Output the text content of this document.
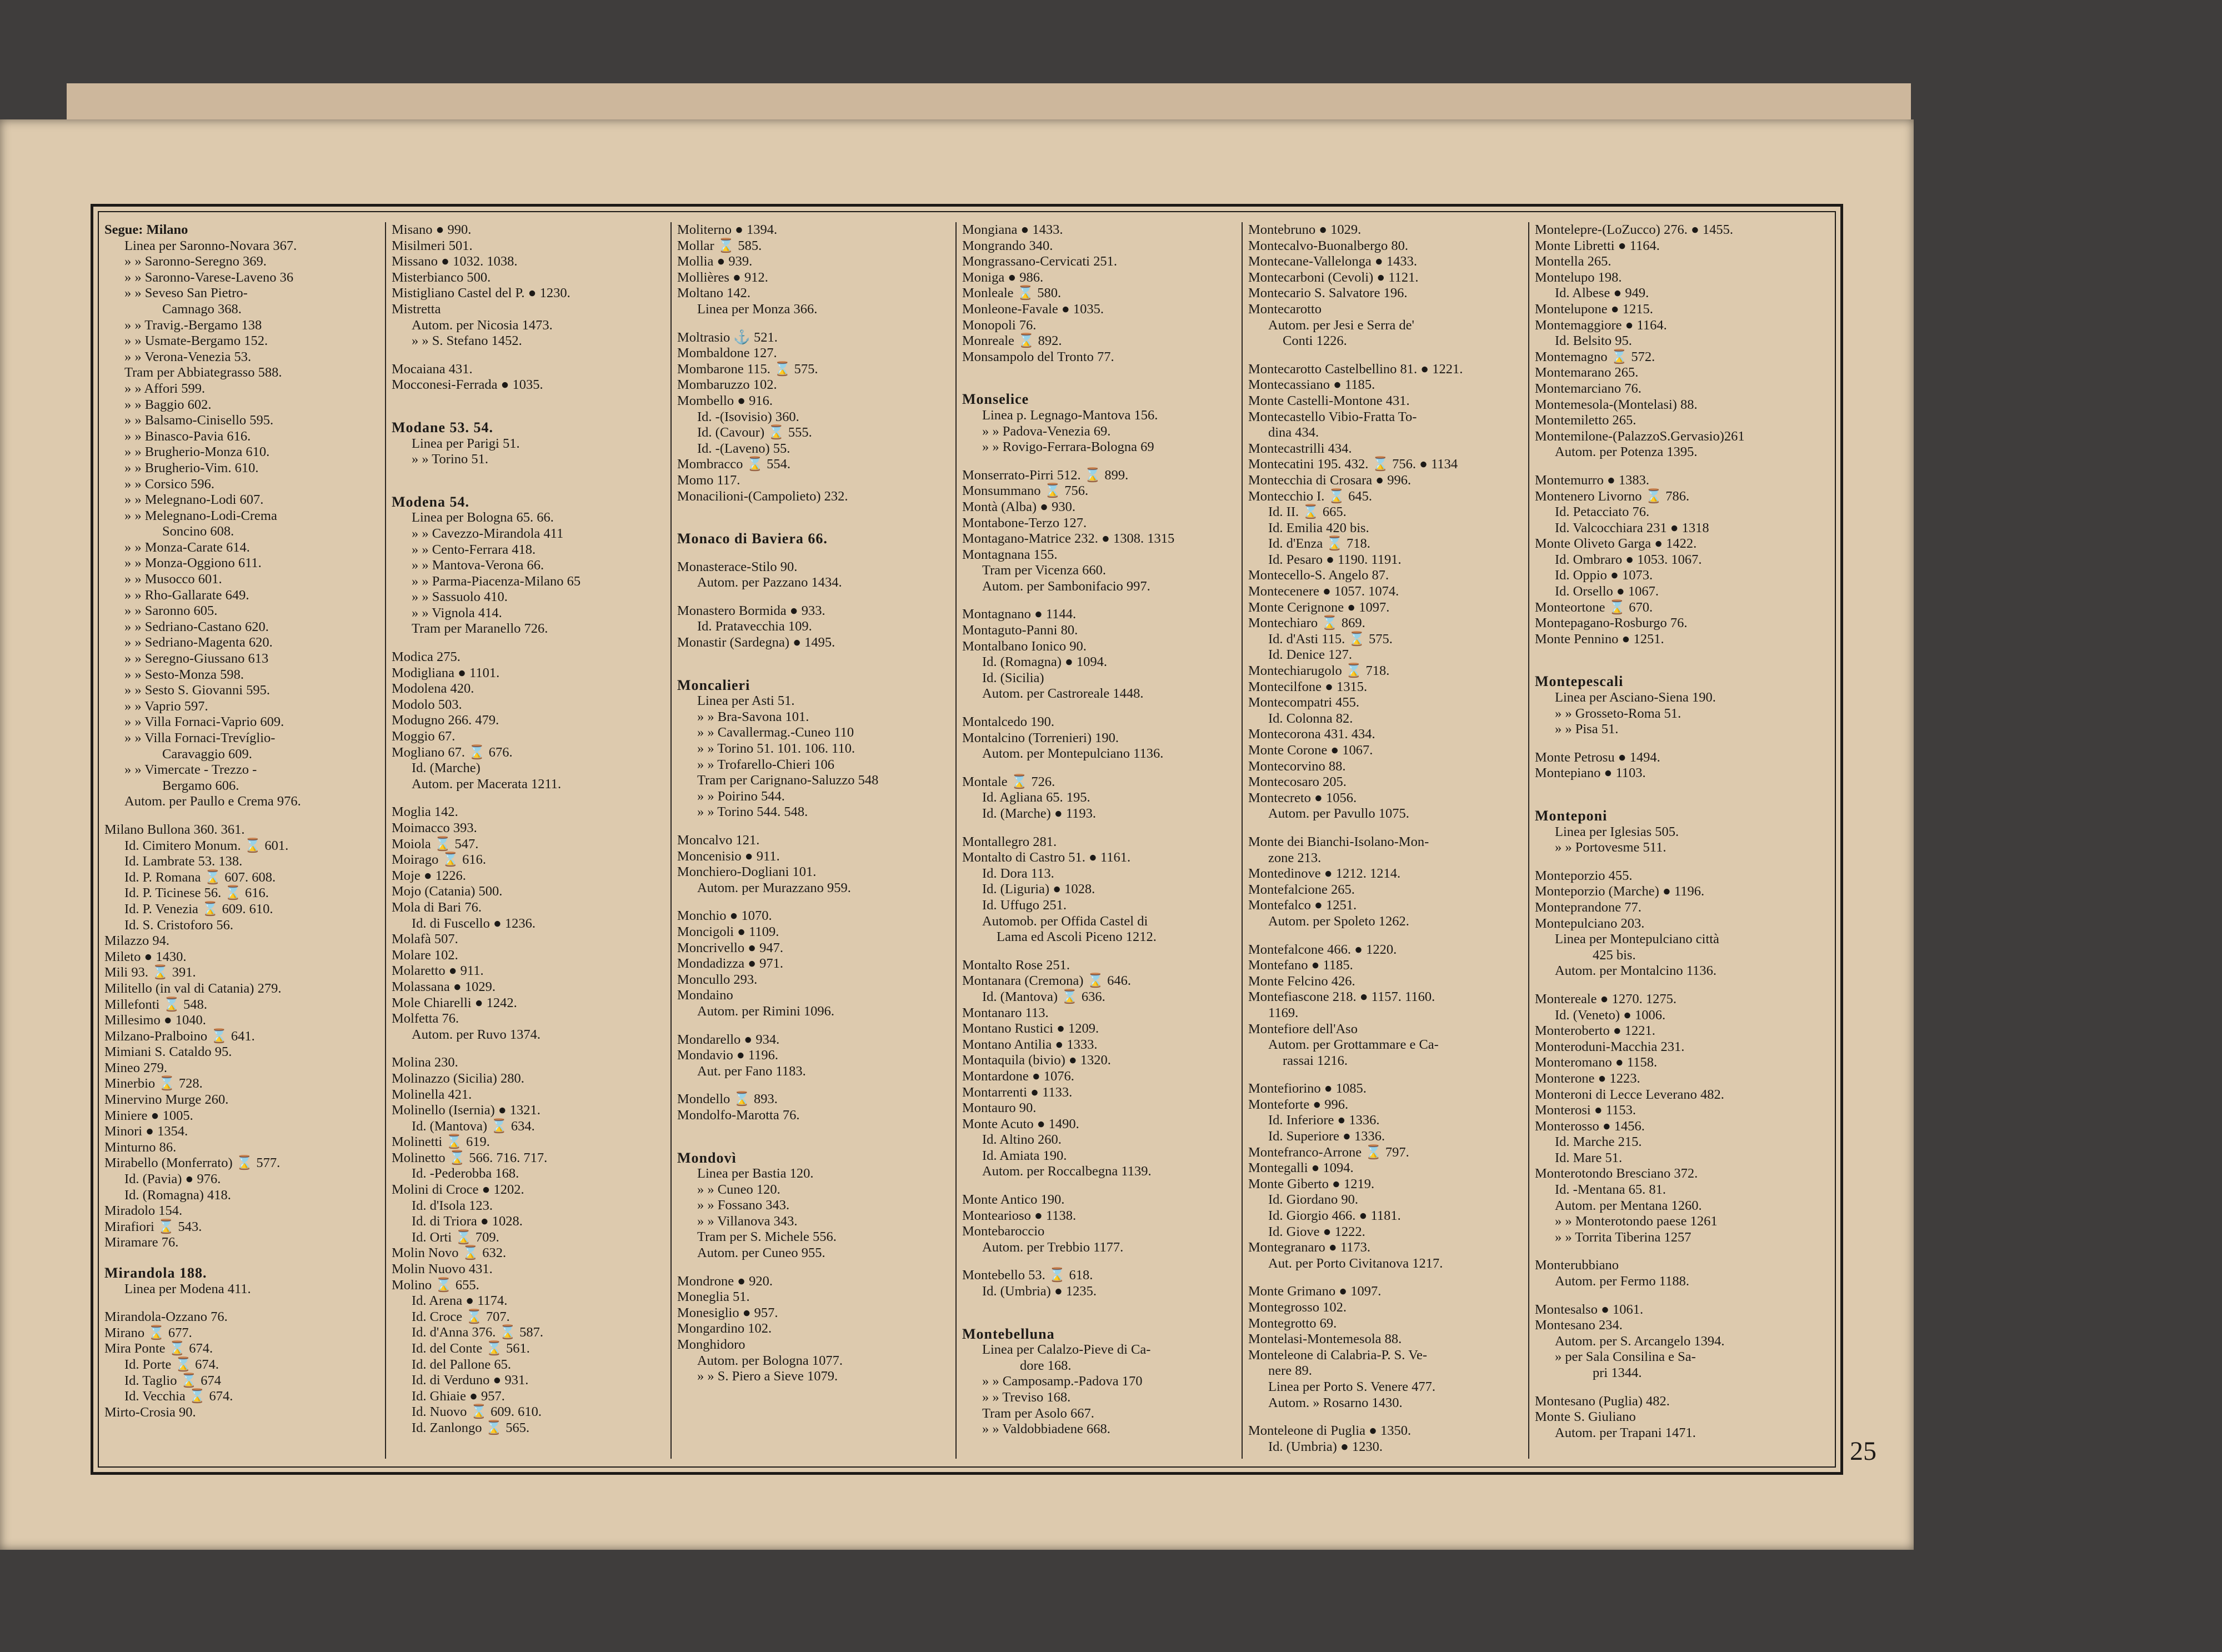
Segue: Milano
Linea per Saronno-Novara 367.
» » Saronno-Seregno 369.
» » Saronno-Varese-Laveno 36
» » Seveso San Pietro-
Camnago 368.
» » Travig.-Bergamo 138
» » Usmate-Bergamo 152.
» » Verona-Venezia 53.
Tram per Abbiategrasso 588.
» » Affori 599.
» » Baggio 602.
» » Balsamo-Cinisello 595.
» » Binasco-Pavia 616.
» » Brugherio-Monza 610.
» » Brugherio-Vim. 610.
» » Corsico 596.
» » Melegnano-Lodi 607.
» » Melegnano-Lodi-Crema
Soncino 608.
» » Monza-Carate 614.
» » Monza-Oggiono 611.
» » Musocco 601.
» » Rho-Gallarate 649.
» » Saronno 605.
» » Sedriano-Castano 620.
» » Sedriano-Magenta 620.
» » Seregno-Giussano 613
» » Sesto-Monza 598.
» » Sesto S. Giovanni 595.
» » Vaprio 597.
» » Villa Fornaci-Vaprio 609.
» » Villa Fornaci-Trevíglio-
Caravaggio 609.
» » Vimercate - Trezzo -
Bergamo 606.
Autom. per Paullo e Crema 976.
Milano Bullona 360. 361.
Id. Cimitero Monum. ⌛ 601.
Id. Lambrate 53. 138.
Id. P. Romana ⌛ 607. 608.
Id. P. Ticinese 56. ⌛ 616.
Id. P. Venezia ⌛ 609. 610.
Id. S. Cristoforo 56.
Milazzo 94.
Mileto ● 1430.
Mili 93. ⌛ 391.
Militello (in val di Catania) 279.
Millefonti ⌛ 548.
Millesimo ● 1040.
Milzano-Pralboino ⌛ 641.
Mimiani S. Cataldo 95.
Mineo 279.
Minerbio ⌛ 728.
Minervino Murge 260.
Miniere ● 1005.
Minori ● 1354.
Minturno 86.
Mirabello (Monferrato) ⌛ 577.
Id. (Pavia) ● 976.
Id. (Romagna) 418.
Miradolo 154.
Mirafiori ⌛ 543.
Miramare 76.
Mirandola 188.
Linea per Modena 411.
Mirandola-Ozzano 76.
Mirano ⌛ 677.
Mira Ponte ⌛ 674.
Id. Porte ⌛ 674.
Id. Taglio ⌛ 674
Id. Vecchia ⌛ 674.
Mirto-Crosia 90.
Misano ● 990.
Misilmeri 501.
Missano ● 1032. 1038.
Misterbianco 500.
Mistigliano Castel del P. ● 1230.
Mistretta
Autom. per Nicosia 1473.
» » S. Stefano 1452.
Mocaiana 431.
Mocconesi-Ferrada ● 1035.
Modane 53. 54.
Linea per Parigi 51.
» » Torino 51.
Modena 54.
Linea per Bologna 65. 66.
» » Cavezzo-Mirandola 411
» » Cento-Ferrara 418.
» » Mantova-Verona 66.
» » Parma-Piacenza-Milano 65
» » Sassuolo 410.
» » Vignola 414.
Tram per Maranello 726.
Modica 275.
Modigliana ● 1101.
Modolena 420.
Modolo 503.
Modugno 266. 479.
Moggio 67.
Mogliano 67. ⌛ 676.
Id. (Marche)
Autom. per Macerata 1211.
Moglia 142.
Moimacco 393.
Moiola ⌛ 547.
Moirago ⌛ 616.
Moje ● 1226.
Mojo (Catania) 500.
Mola di Bari 76.
Id. di Fuscello ● 1236.
Molafà 507.
Molare 102.
Molaretto ● 911.
Molassana ● 1029.
Mole Chiarelli ● 1242.
Molfetta 76.
Autom. per Ruvo 1374.
Molina 230.
Molinazzo (Sicilia) 280.
Molinella 421.
Molinello (Isernia) ● 1321.
Id. (Mantova) ⌛ 634.
Molinetti ⌛ 619.
Molinetto ⌛ 566. 716. 717.
Id. -Pederobba 168.
Molini di Croce ● 1202.
Id. d'Isola 123.
Id. di Triora ● 1028.
Id. Orti ⌛ 709.
Molin Novo ⌛ 632.
Molin Nuovo 431.
Molino ⌛ 655.
Id. Arena ● 1174.
Id. Croce ⌛ 707.
Id. d'Anna 376. ⌛ 587.
Id. del Conte ⌛ 561.
Id. del Pallone 65.
Id. di Verduno ● 931.
Id. Ghiaie ● 957.
Id. Nuovo ⌛ 609. 610.
Id. Zanlongo ⌛ 565.
Moliterno ● 1394.
Mollar ⌛ 585.
Mollia ● 939.
Mollières ● 912.
Moltano 142.
Linea per Monza 366.
Moltrasio ⚓ 521.
Mombaldone 127.
Mombarone 115. ⌛ 575.
Mombaruzzo 102.
Mombello ● 916.
Id. -(Isovisio) 360.
Id. (Cavour) ⌛ 555.
Id. -(Laveno) 55.
Mombracco ⌛ 554.
Momo 117.
Monacilioni-(Campolieto) 232.
Monaco di Baviera 66.
Monasterace-Stilo 90.
Autom. per Pazzano 1434.
Monastero Bormida ● 933.
Id. Pratavecchia 109.
Monastir (Sardegna) ● 1495.
Moncalieri
Linea per Asti 51.
» » Bra-Savona 101.
» » Cavallermag.-Cuneo 110
» » Torino 51. 101. 106. 110.
» » Trofarello-Chieri 106
Tram per Carignano-Saluzzo 548
» » Poirino 544.
» » Torino 544. 548.
Moncalvo 121.
Moncenisio ● 911.
Monchiero-Dogliani 101.
Autom. per Murazzano 959.
Monchio ● 1070.
Moncigoli ● 1109.
Moncrivello ● 947.
Mondadizza ● 971.
Moncullo 293.
Mondaino
Autom. per Rimini 1096.
Mondarello ● 934.
Mondavio ● 1196.
Aut. per Fano 1183.
Mondello ⌛ 893.
Mondolfo-Marotta 76.
Mondovì
Linea per Bastia 120.
» » Cuneo 120.
» » Fossano 343.
» » Villanova 343.
Tram per S. Michele 556.
Autom. per Cuneo 955.
Mondrone ● 920.
Moneglia 51.
Monesiglio ● 957.
Mongardino 102.
Monghidoro
Autom. per Bologna 1077.
» » S. Piero a Sieve 1079.
Mongiana ● 1433.
Mongrando 340.
Mongrassano-Cervicati 251.
Moniga ● 986.
Monleale ⌛ 580.
Monleone-Favale ● 1035.
Monopoli 76.
Monreale ⌛ 892.
Monsampolo del Tronto 77.
Monselice
Linea p. Legnago-Mantova 156.
» » Padova-Venezia 69.
» » Rovigo-Ferrara-Bologna 69
Monserrato-Pirri 512. ⌛ 899.
Monsummano ⌛ 756.
Montà (Alba) ● 930.
Montabone-Terzo 127.
Montagano-Matrice 232. ● 1308. 1315
Montagnana 155.
Tram per Vicenza 660.
Autom. per Sambonifacio 997.
Montagnano ● 1144.
Montaguto-Panni 80.
Montalbano Ionico 90.
Id. (Romagna) ● 1094.
Id. (Sicilia)
Autom. per Castroreale 1448.
Montalcedo 190.
Montalcino (Torrenieri) 190.
Autom. per Montepulciano 1136.
Montale ⌛ 726.
Id. Agliana 65. 195.
Id. (Marche) ● 1193.
Montallegro 281.
Montalto di Castro 51. ● 1161.
Id. Dora 113.
Id. (Liguria) ● 1028.
Id. Uffugo 251.
Automob. per Offida Castel di
Lama ed Ascoli Piceno 1212.
Montalto Rose 251.
Montanara (Cremona) ⌛ 646.
Id. (Mantova) ⌛ 636.
Montanaro 113.
Montano Rustici ● 1209.
Montano Antilia ● 1333.
Montaquila (bivio) ● 1320.
Montardone ● 1076.
Montarrenti ● 1133.
Montauro 90.
Monte Acuto ● 1490.
Id. Altino 260.
Id. Amiata 190.
Autom. per Roccalbegna 1139.
Monte Antico 190.
Montearioso ● 1138.
Montebaroccio
Autom. per Trebbio 1177.
Montebello 53. ⌛ 618.
Id. (Umbria) ● 1235.
Montebelluna
Linea per Calalzo-Pieve di Ca-
dore 168.
» » Camposamp.-Padova 170
» » Treviso 168.
Tram per Asolo 667.
» » Valdobbiadene 668.
Montebruno ● 1029.
Montecalvo-Buonalbergo 80.
Montecane-Vallelonga ● 1433.
Montecarboni (Cevoli) ● 1121.
Montecario S. Salvatore 196.
Montecarotto
Autom. per Jesi e Serra de'
Conti 1226.
Montecarotto Castelbellino 81. ● 1221.
Montecassiano ● 1185.
Monte Castelli-Montone 431.
Montecastello Vibio-Fratta To-
dina 434.
Montecastrilli 434.
Montecatini 195. 432. ⌛ 756. ● 1134
Montecchia di Crosara ● 996.
Montecchio I. ⌛ 645.
Id. II. ⌛ 665.
Id. Emilia 420 bis.
Id. d'Enza ⌛ 718.
Id. Pesaro ● 1190. 1191.
Montecello-S. Angelo 87.
Montecenere ● 1057. 1074.
Monte Cerignone ● 1097.
Montechiaro ⌛ 869.
Id. d'Asti 115. ⌛ 575.
Id. Denice 127.
Montechiarugolo ⌛ 718.
Montecilfone ● 1315.
Montecompatri 455.
Id. Colonna 82.
Montecorona 431. 434.
Monte Corone ● 1067.
Montecorvino 88.
Montecosaro 205.
Montecreto ● 1056.
Autom. per Pavullo 1075.
Monte dei Bianchi-Isolano-Mon-
zone 213.
Montedinove ● 1212. 1214.
Montefalcione 265.
Montefalco ● 1251.
Autom. per Spoleto 1262.
Montefalcone 466. ● 1220.
Montefano ● 1185.
Monte Felcino 426.
Montefiascone 218. ● 1157. 1160.
1169.
Montefiore dell'Aso
Autom. per Grottammare e Ca-
rassai 1216.
Montefiorino ● 1085.
Monteforte ● 996.
Id. Inferiore ● 1336.
Id. Superiore ● 1336.
Montefranco-Arrone ⌛ 797.
Montegalli ● 1094.
Monte Giberto ● 1219.
Id. Giordano 90.
Id. Giorgio 466. ● 1181.
Id. Giove ● 1222.
Montegranaro ● 1173.
Aut. per Porto Civitanova 1217.
Monte Grimano ● 1097.
Montegrosso 102.
Montegrotto 69.
Montelasi-Montemesola 88.
Monteleone di Calabria-P. S. Ve-
nere 89.
Linea per Porto S. Venere 477.
Autom. » Rosarno 1430.
Monteleone di Puglia ● 1350.
Id. (Umbria) ● 1230.
Montelepre-(LoZucco) 276. ● 1455.
Monte Libretti ● 1164.
Montella 265.
Montelupo 198.
Id. Albese ● 949.
Montelupone ● 1215.
Montemaggiore ● 1164.
Id. Belsito 95.
Montemagno ⌛ 572.
Montemarano 265.
Montemarciano 76.
Montemesola-(Montelasi) 88.
Montemiletto 265.
Montemilone-(PalazzoS.Gervasio)261
Autom. per Potenza 1395.
Montemurro ● 1383.
Montenero Livorno ⌛ 786.
Id. Petacciato 76.
Id. Valcocchiara 231 ● 1318
Monte Oliveto Garga ● 1422.
Id. Ombraro ● 1053. 1067.
Id. Oppio ● 1073.
Id. Orsello ● 1067.
Monteortone ⌛ 670.
Montepagano-Rosburgo 76.
Monte Pennino ● 1251.
Montepescali
Linea per Asciano-Siena 190.
» » Grosseto-Roma 51.
» » Pisa 51.
Monte Petrosu ● 1494.
Montepiano ● 1103.
Monteponi
Linea per Iglesias 505.
» » Portovesme 511.
Monteporzio 455.
Monteporzio (Marche) ● 1196.
Monteprandone 77.
Montepulciano 203.
Linea per Montepulciano città
425 bis.
Autom. per Montalcino 1136.
Montereale ● 1270. 1275.
Id. (Veneto) ● 1006.
Monteroberto ● 1221.
Monteroduni-Macchia 231.
Monteromano ● 1158.
Monterone ● 1223.
Monteroni di Lecce Leverano 482.
Monterosi ● 1153.
Monterosso ● 1456.
Id. Marche 215.
Id. Mare 51.
Monterotondo Bresciano 372.
Id. -Mentana 65. 81.
Autom. per Mentana 1260.
» » Monterotondo paese 1261
» » Torrita Tiberina 1257
Monterubbiano
Autom. per Fermo 1188.
Montesalso ● 1061.
Montesano 234.
Autom. per S. Arcangelo 1394.
» per Sala Consilina e Sa-
pri 1344.
Montesano (Puglia) 482.
Monte S. Giuliano
Autom. per Trapani 1471.
25
